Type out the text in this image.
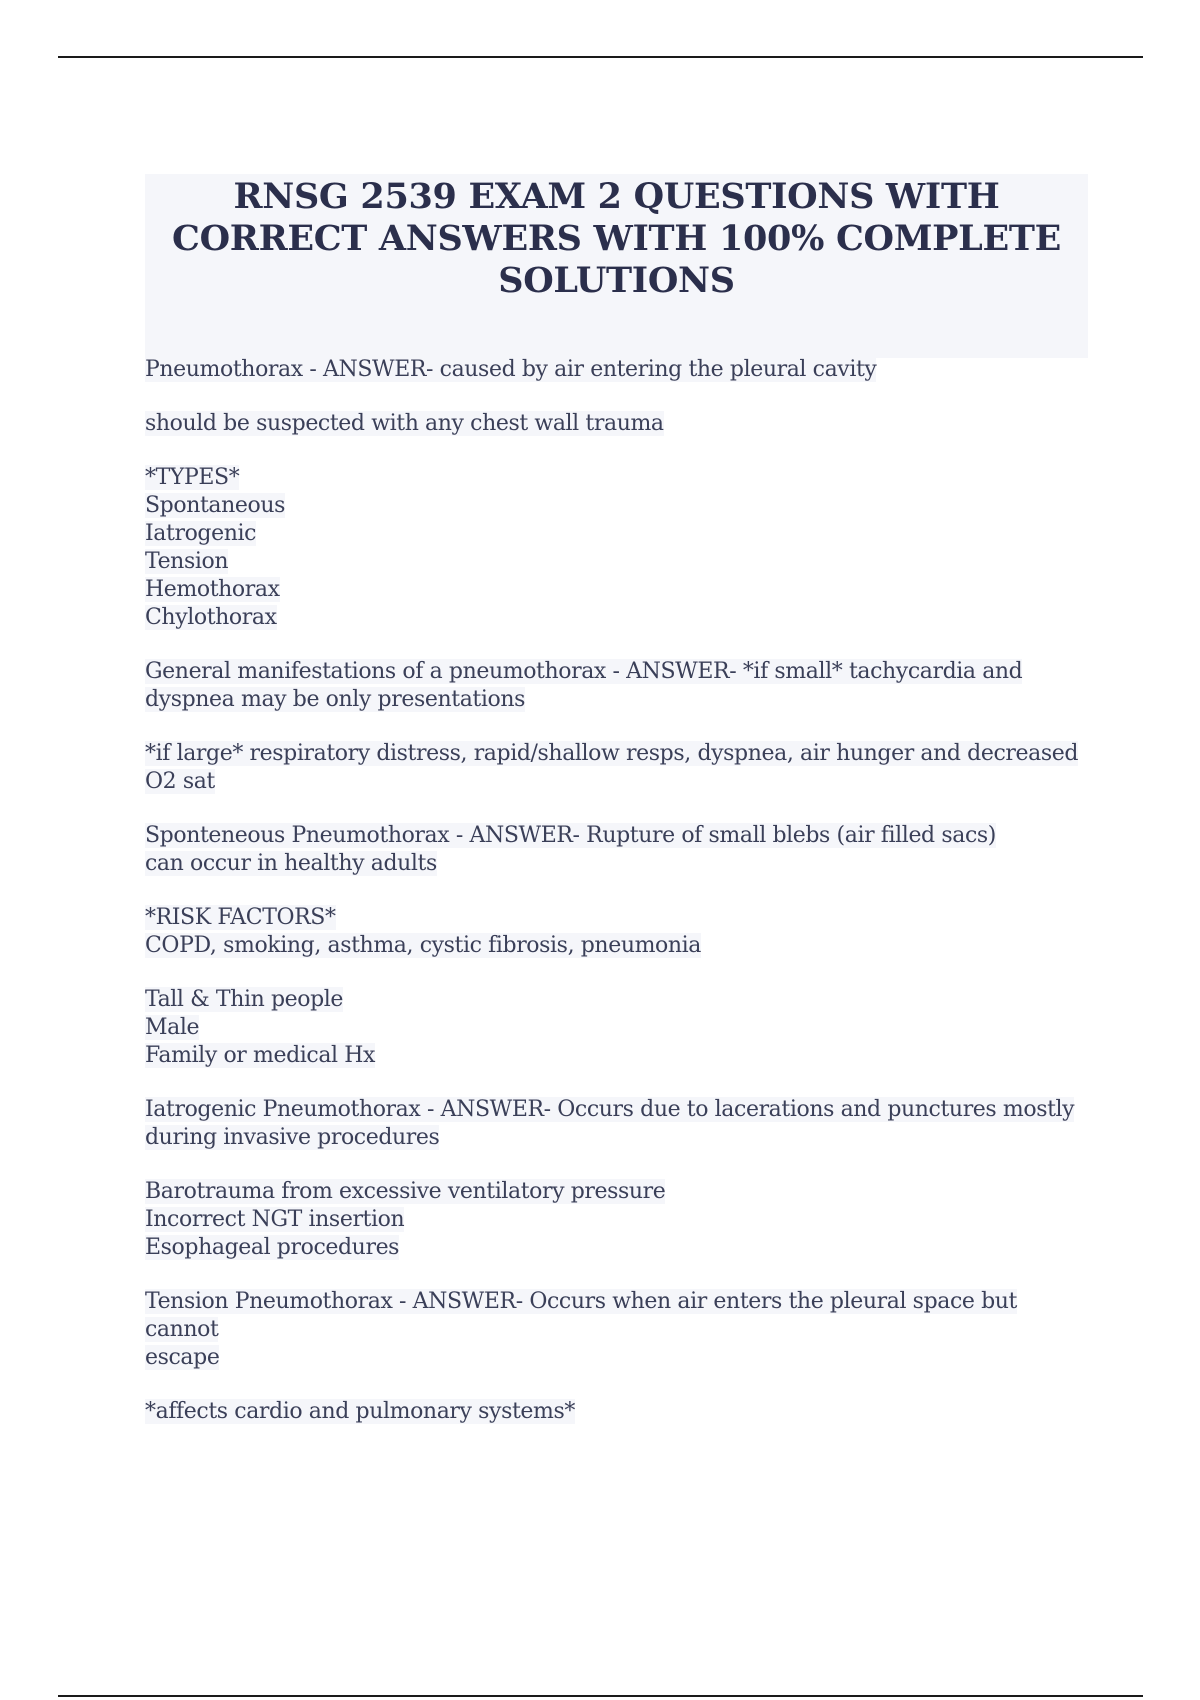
RNSG 2539 EXAM 2 QUESTIONS WITH CORRECT ANSWERS WITH 100% COMPLETE SOLUTIONS
Pneumothorax - ANSWER- caused by air entering the pleural cavity
should be suspected with any chest wall trauma
*TYPES*
Spontaneous
Iatrogenic
Tension
Hemothorax
Chylothorax
General manifestations of a pneumothorax - ANSWER- *if small* tachycardia and
dyspnea may be only presentations
*if large* respiratory distress, rapid/shallow resps, dyspnea, air hunger and decreased
O2 sat
Sponteneous Pneumothorax - ANSWER- Rupture of small blebs (air filled sacs)
can occur in healthy adults
*RISK FACTORS*
COPD, smoking, asthma, cystic fibrosis, pneumonia
Tall & Thin people
Male
Family or medical Hx
Iatrogenic Pneumothorax - ANSWER- Occurs due to lacerations and punctures mostly
during invasive procedures
Barotrauma from excessive ventilatory pressure
Incorrect NGT insertion
Esophageal procedures
Tension Pneumothorax - ANSWER- Occurs when air enters the pleural space but cannot
escape
*affects cardio and pulmonary systems*
